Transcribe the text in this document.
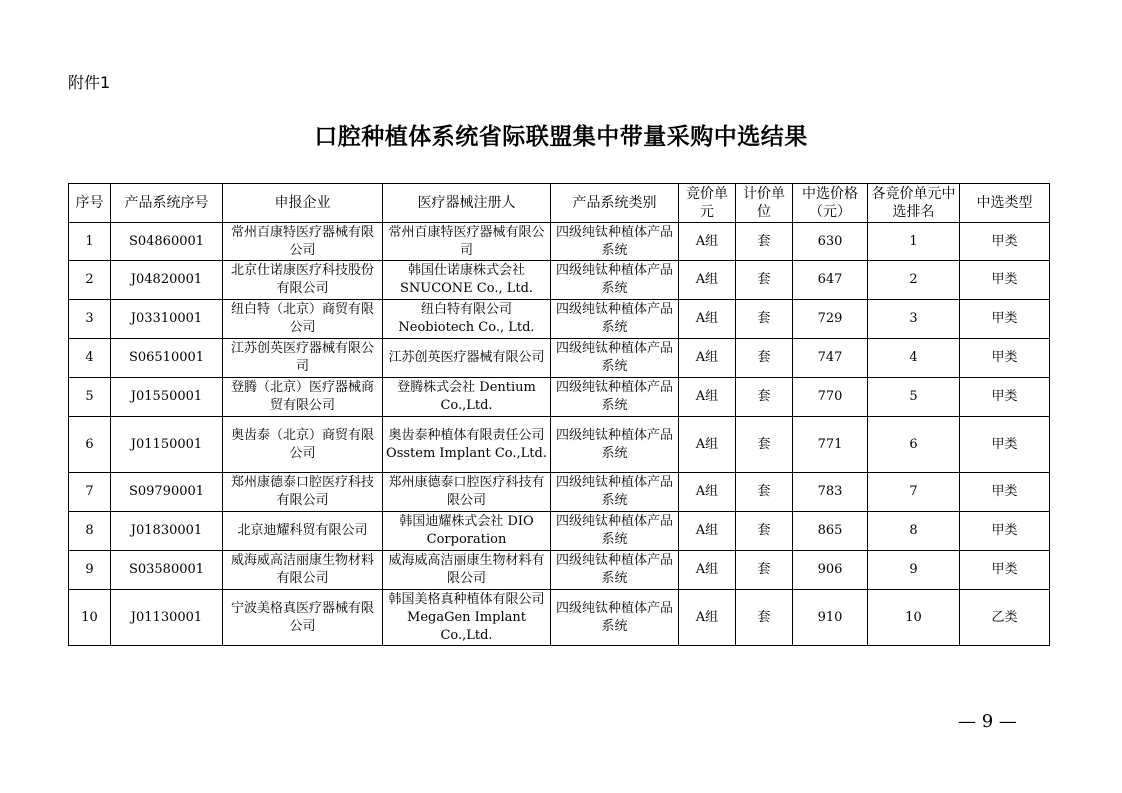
附件1
口腔种植体系统省际联盟集中带量采购中选结果
序号	产品系统序号	申报企业	医疗器械注册人	产品系统类别	竞价单元	计价单位	中选价格（元）	各竞价单元中选排名	中选类型
1	S04860001	常州百康特医疗器械有限公司	常州百康特医疗器械有限公司	四级纯钛种植体产品系统	A组	套	630	1	甲类
2	J04820001	北京仕诺康医疗科技股份有限公司	韩国仕诺康株式会社 SNUCONE Co., Ltd.	四级纯钛种植体产品系统	A组	套	647	2	甲类
3	J03310001	纽白特（北京）商贸有限公司	纽白特有限公司 Neobiotech Co., Ltd.	四级纯钛种植体产品系统	A组	套	729	3	甲类
4	S06510001	江苏创英医疗器械有限公司	江苏创英医疗器械有限公司	四级纯钛种植体产品系统	A组	套	747	4	甲类
5	J01550001	登腾（北京）医疗器械商贸有限公司	登腾株式会社 Dentium Co.,Ltd.	四级纯钛种植体产品系统	A组	套	770	5	甲类
6	J01150001	奥齿泰（北京）商贸有限公司	奥齿泰种植体有限责任公司 Osstem Implant Co.,Ltd.	四级纯钛种植体产品系统	A组	套	771	6	甲类
7	S09790001	郑州康德泰口腔医疗科技有限公司	郑州康德泰口腔医疗科技有限公司	四级纯钛种植体产品系统	A组	套	783	7	甲类
8	J01830001	北京迪耀科贸有限公司	韩国迪耀株式会社 DIO Corporation	四级纯钛种植体产品系统	A组	套	865	8	甲类
9	S03580001	威海威高洁丽康生物材料有限公司	威海威高洁丽康生物材料有限公司	四级纯钛种植体产品系统	A组	套	906	9	甲类
10	J01130001	宁波美格真医疗器械有限公司	韩国美格真种植体有限公司 MegaGen Implant Co.,Ltd.	四级纯钛种植体产品系统	A组	套	910	10	乙类
— 9 —
